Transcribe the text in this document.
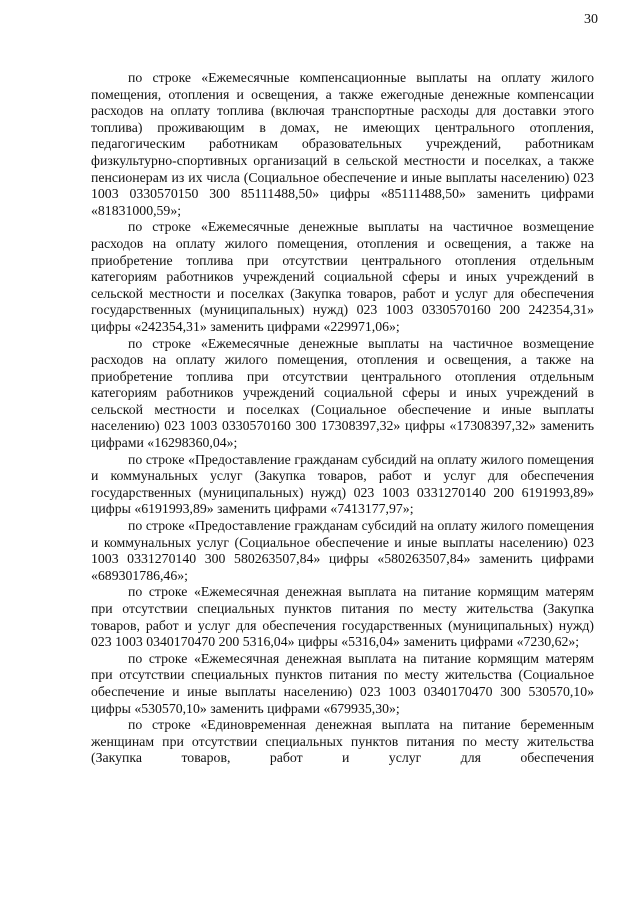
30

по строке «Ежемесячные компенсационные выплаты на оплату жилого помещения, отопления и освещения, а также ежегодные денежные компенсации расходов на оплату топлива (включая транспортные расходы для доставки этого топлива) проживающим в домах, не имеющих центрального отопления, педагогическим работникам образовательных учреждений, работникам физкультурно-спортивных организаций в сельской местности и поселках, а также пенсионерам из их числа (Социальное обеспечение и иные выплаты населению) 023 1003 0330570150 300 85111488,50» цифры «85111488,50» заменить цифрами «81831000,59»;

по строке «Ежемесячные денежные выплаты на частичное возмещение расходов на оплату жилого помещения, отопления и освещения, а также на приобретение топлива при отсутствии центрального отопления отдельным категориям работников учреждений социальной сферы и иных учреждений в сельской местности и поселках (Закупка товаров, работ и услуг для обеспечения государственных (муниципальных) нужд) 023 1003 0330570160 200 242354,31» цифры «242354,31» заменить цифрами «229971,06»;

по строке «Ежемесячные денежные выплаты на частичное возмещение расходов на оплату жилого помещения, отопления и освещения, а также на приобретение топлива при отсутствии центрального отопления отдельным категориям работников учреждений социальной сферы и иных учреждений в сельской местности и поселках (Социальное обеспечение и иные выплаты населению) 023 1003 0330570160 300 17308397,32» цифры «17308397,32» заменить цифрами «16298360,04»;

по строке «Предоставление гражданам субсидий на оплату жилого помещения и коммунальных услуг (Закупка товаров, работ и услуг для обеспечения государственных (муниципальных) нужд) 023 1003 0331270140 200 6191993,89» цифры «6191993,89» заменить цифрами «7413177,97»;

по строке «Предоставление гражданам субсидий на оплату жилого помещения и коммунальных услуг (Социальное обеспечение и иные выплаты населению) 023 1003 0331270140 300 580263507,84» цифры «580263507,84» заменить цифрами «689301786,46»;

по строке «Ежемесячная денежная выплата на питание кормящим матерям при отсутствии специальных пунктов питания по месту жительства (Закупка товаров, работ и услуг для обеспечения государственных (муниципальных) нужд) 023 1003 0340170470 200 5316,04» цифры «5316,04» заменить цифрами «7230,62»;

по строке «Ежемесячная денежная выплата на питание кормящим матерям при отсутствии специальных пунктов питания по месту жительства (Социальное обеспечение и иные выплаты населению) 023 1003 0340170470 300 530570,10» цифры «530570,10» заменить цифрами «679935,30»;

по строке «Единовременная денежная выплата на питание беременным женщинам при отсутствии специальных пунктов питания по месту жительства (Закупка товаров, работ и услуг для обеспечения
